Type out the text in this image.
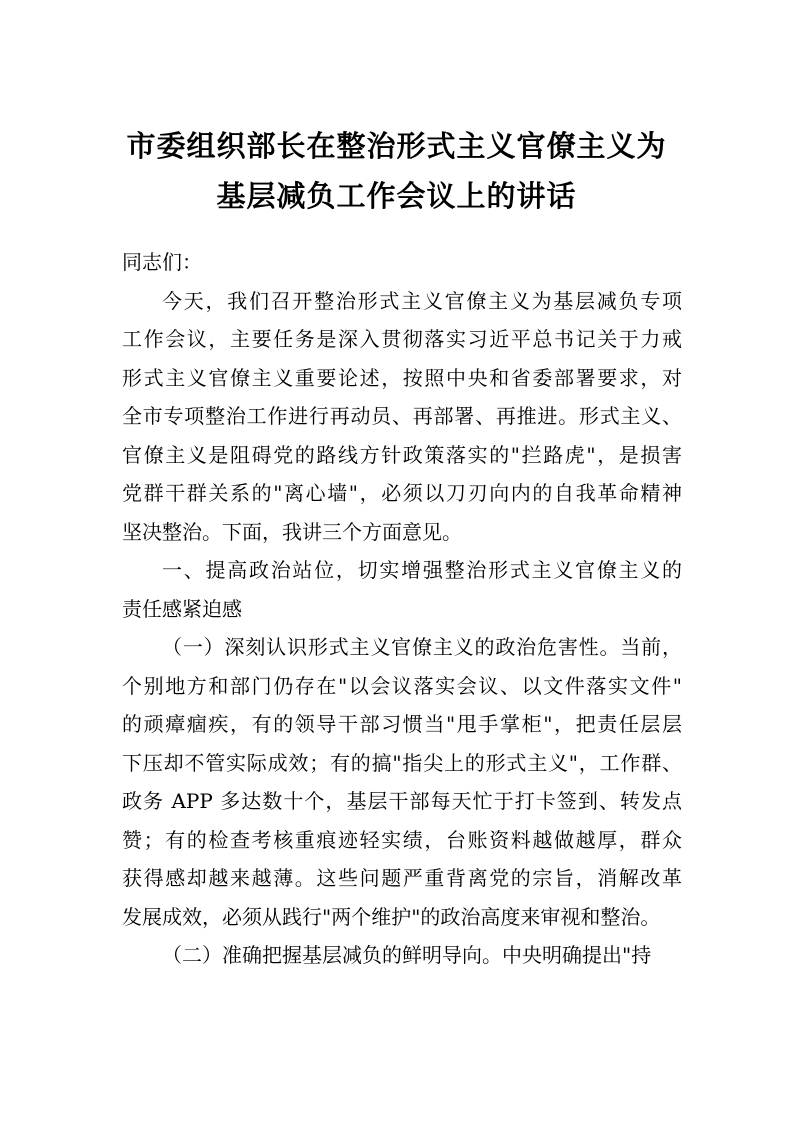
市委组织部长在整治形式主义官僚主义为
基层减负工作会议上的讲话
同志们：
今天，我们召开整治形式主义官僚主义为基层减负专项
工作会议，主要任务是深入贯彻落实习近平总书记关于力戒
形式主义官僚主义重要论述，按照中央和省委部署要求，对
全市专项整治工作进行再动员、再部署、再推进。形式主义、
官僚主义是阻碍党的路线方针政策落实的"拦路虎"，是损害
党群干群关系的"离心墙"，必须以刀刃向内的自我革命精神
坚决整治。下面，我讲三个方面意见。
一、提高政治站位，切实增强整治形式主义官僚主义的
责任感紧迫感
（一）深刻认识形式主义官僚主义的政治危害性。当前，
个别地方和部门仍存在"以会议落实会议、以文件落实文件"
的顽瘴痼疾，有的领导干部习惯当"甩手掌柜"，把责任层层
下压却不管实际成效；有的搞"指尖上的形式主义"，工作群、
政务 APP 多达数十个，基层干部每天忙于打卡签到、转发点
赞；有的检查考核重痕迹轻实绩，台账资料越做越厚，群众
获得感却越来越薄。这些问题严重背离党的宗旨，消解改革
发展成效，必须从践行"两个维护"的政治高度来审视和整治。
（二）准确把握基层减负的鲜明导向。中央明确提出"持
